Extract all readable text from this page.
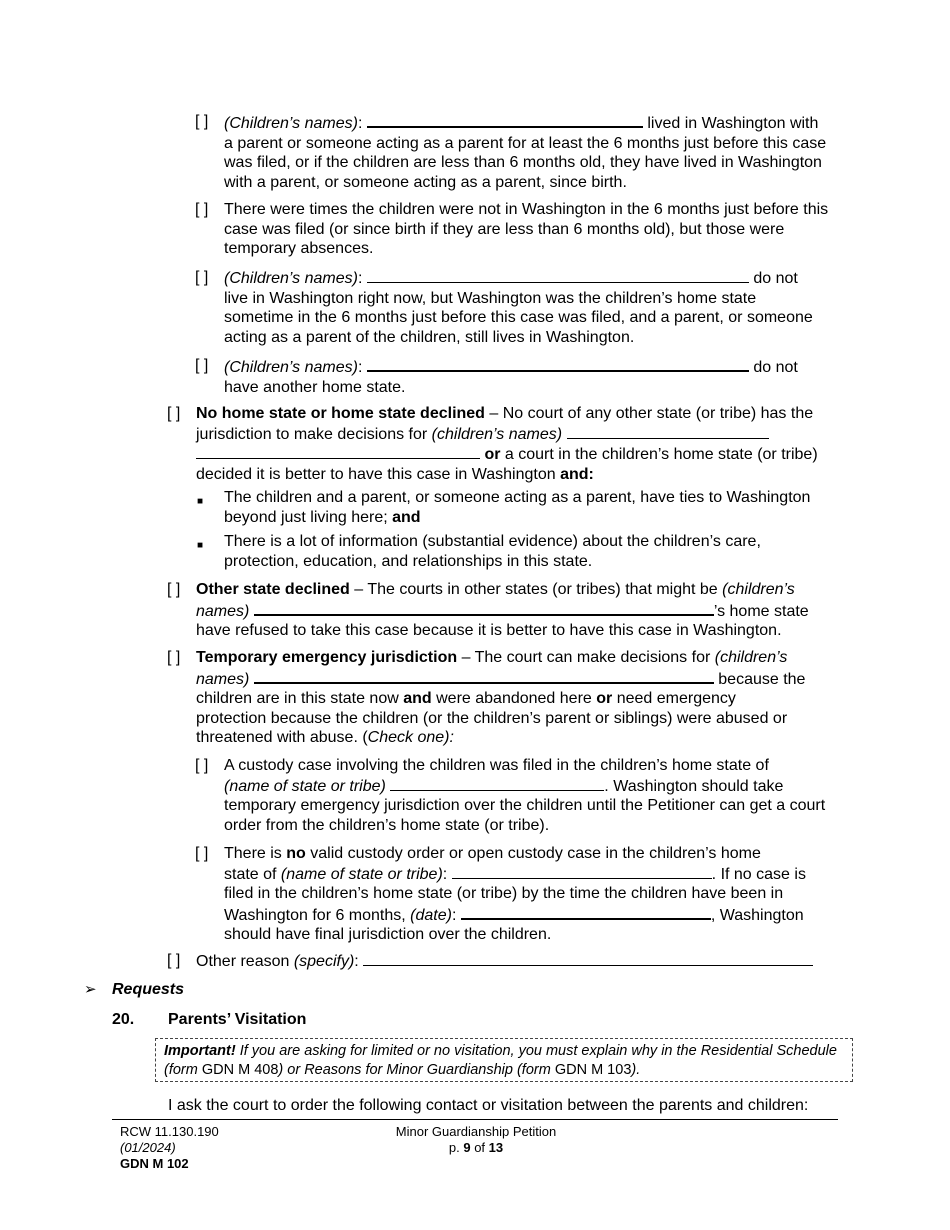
[ ] (Children’s names):	lived in Washington with
a parent or someone acting as a parent for at least the 6 months just before this case was filed, or if the children are less than 6 months old, they have lived in Washington with a parent, or someone acting as a parent, since birth.
[ ] There were times the children were not in Washington in the 6 months just before this case was filed (or since birth if they are less than 6 months old), but those were temporary absences.
[ ] (Children’s names):	do not
live in Washington right now, but Washington was the children’s home state sometime in the 6 months just before this case was filed, and a parent, or someone acting as a parent of the children, still lives in Washington.
[ ] (Children’s names):	do not
have another home state.
[ ] No home state or home state declined – No court of any other state (or tribe) has the jurisdiction to make decisions for (children’s names)
or a court in the children’s home state (or tribe) decided it is better to have this case in Washington and:
■ The children and a parent, or someone acting as a parent, have ties to Washington beyond just living here; and
■ There is a lot of information (substantial evidence) about the children’s care, protection, education, and relationships in this state.
[ ] Other state declined – The courts in other states (or tribes) that might be (children’s names)	’s home state
have refused to take this case because it is better to have this case in Washington.
[ ] Temporary emergency jurisdiction – The court can make decisions for (children’s names)	because the
children are in this state now and were abandoned here or need emergency
protection because the children (or the children’s parent or siblings) were abused or
threatened with abuse. (Check one):
[ ] A custody case involving the children was filed in the children’s home state of
(name of state or tribe)	. Washington should take
temporary emergency jurisdiction over the children until the Petitioner can get a court order from the children’s home state (or tribe).
[ ] There is no valid custody order or open custody case in the children’s home
state of (name of state or tribe):	. If no case is
filed in the children’s home state (or tribe) by the time the children have been in
Washington for 6 months, (date):	, Washington
should have final jurisdiction over the children.
[ ] Other reason (specify):
➢ Requests
20. Parents’ Visitation
Important! If you are asking for limited or no visitation, you must explain why in the Residential Schedule (form GDN M 408) or Reasons for Minor Guardianship (form GDN M 103).
I ask the court to order the following contact or visitation between the parents and children:
RCW 11.130.190
(01/2024)
GDN M 102
Minor Guardianship Petition
p. 9 of 13
